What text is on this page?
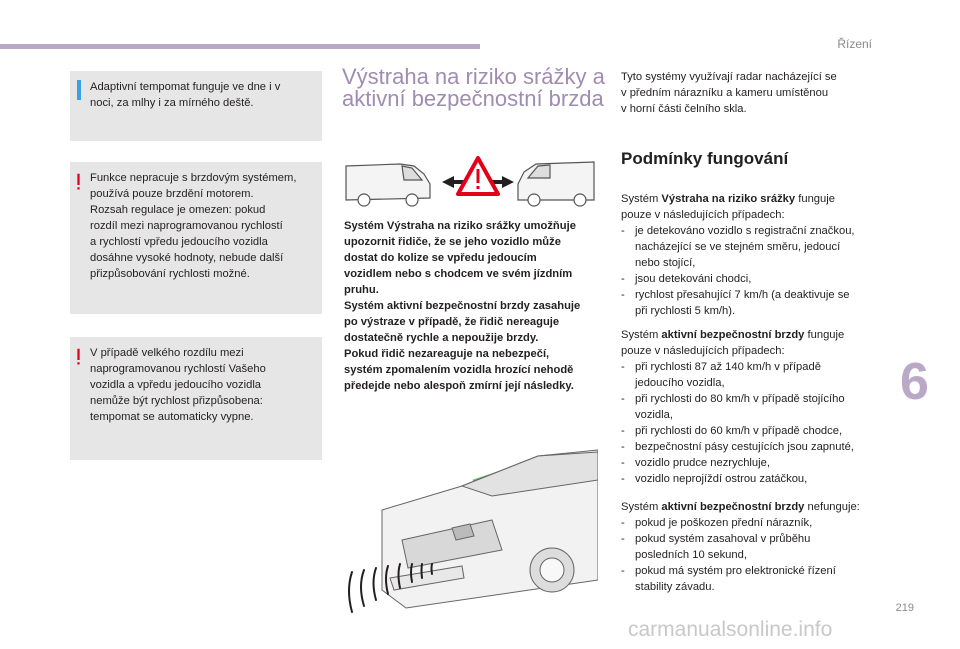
Řízení
6
219
carmanualsonline.info

Adaptivní tempomat funguje ve dne i v

noci, za mlhy i za mírného deště.

Funkce nepracuje s brzdovým systémem,

používá pouze brzdění motorem.

Rozsah regulace je omezen: pokud

rozdíl mezi naprogramovanou rychlostí

a rychlostí vpředu jedoucího vozidla

dosáhne vysoké hodnoty, nebude další

přizpůsobování rychlosti možné.

V případě velkého rozdílu mezi

naprogramovanou rychlostí Vašeho

vozidla a vpředu jedoucího vozidla

nemůže být rychlost přizpůsobena:

tempomat se automaticky vypne.

Výstraha na riziko srážky a
aktivní bezpečnostní brzda

Systém Výstraha na riziko srážky umožňuje

upozornit řidiče, že se jeho vozidlo může

dostat do kolize se vpředu jedoucím

vozidlem nebo s chodcem ve svém jízdním

pruhu.

Systém aktivní bezpečnostní brzdy zasahuje

po výstraze v případě, že řidič nereaguje

dostatečně rychle a nepoužije brzdy.

Pokud řidič nezareaguje na nebezpečí,

systém zpomalením vozidla hrozící nehodě

předejde nebo alespoň zmírní její následky.

Tyto systémy využívají radar nacházející se

v předním nárazníku a kameru umístěnou

v horní části čelního skla.

Podmínky fungování

Systém Výstraha na riziko srážky funguje

pouze v následujících případech:

- je detekováno vozidlo s registrační značkou,
nacházející se ve stejném směru, jedoucí
nebo stojící,
- jsou detekováni chodci,
- rychlost přesahující 7 km/h (a deaktivuje se
při rychlosti 5 km/h).

Systém aktivní bezpečnostní brzdy funguje

pouze v následujících případech:

- při rychlosti 87 až 140 km/h v případě
jedoucího vozidla,
- při rychlosti do 80 km/h v případě stojícího
vozidla,
- při rychlosti do 60 km/h v případě chodce,
- bezpečnostní pásy cestujících jsou zapnuté,
- vozidlo prudce nezrychluje,
- vozidlo neprojíždí ostrou zatáčkou,

Systém aktivní bezpečnostní brzdy nefunguje:

- pokud je poškozen přední nárazník,
- pokud systém zasahoval v průběhu
posledních 10 sekund,
- pokud má systém pro elektronické řízení
stability závadu.
